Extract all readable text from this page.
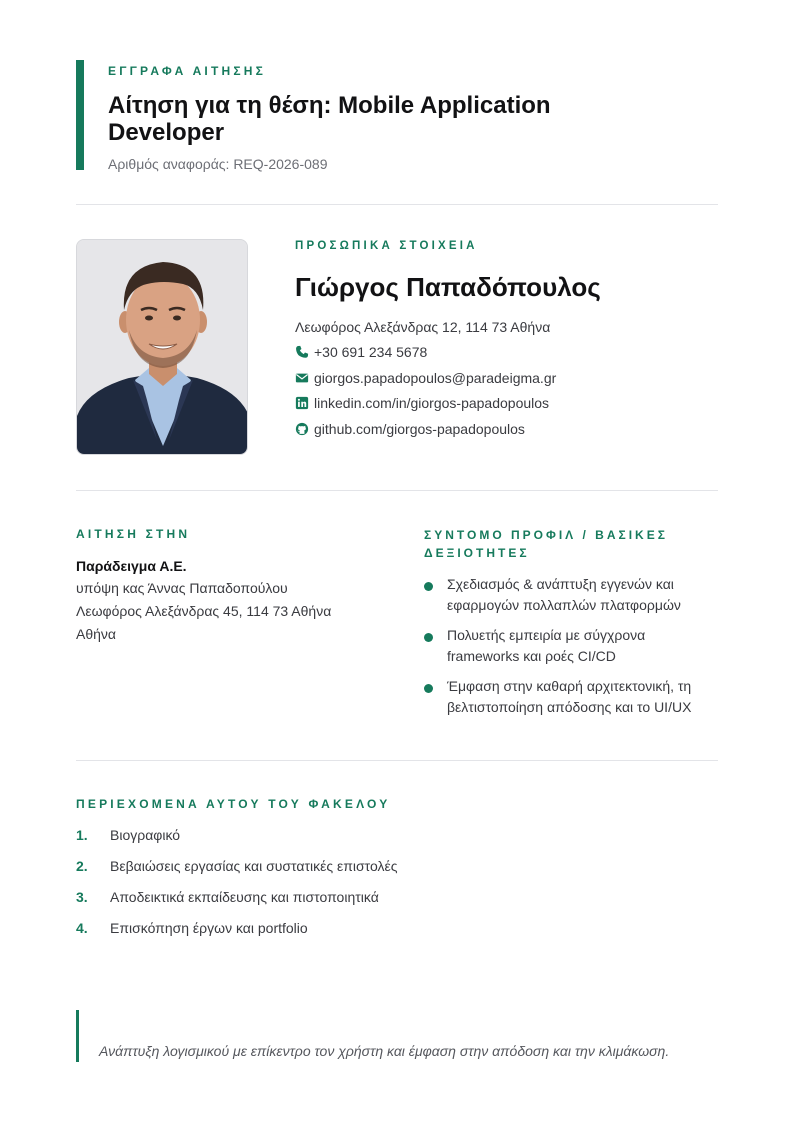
ΕΓΓΡΑΦΑ ΑΙΤΗΣΗΣ
Αίτηση για τη θέση: Mobile Application Developer
Αριθμός αναφοράς: REQ-2026-089
ΠΡΟΣΩΠΙΚΑ ΣΤΟΙΧΕΙΑ
Γιώργος Παπαδόπουλος
Λεωφόρος Αλεξάνδρας 12, 114 73 Αθήνα
+30 691 234 5678
giorgos.papadopoulos@paradeigma.gr
linkedin.com/in/giorgos-papadopoulos
github.com/giorgos-papadopoulos
ΑΙΤΗΣΗ ΣΤΗΝ
Παράδειγμα Α.Ε.
υπόψη κας Άννας Παπαδοπούλου
Λεωφόρος Αλεξάνδρας 45, 114 73 Αθήνα
Αθήνα
ΣΥΝΤΟΜΟ ΠΡΟΦΙΛ / ΒΑΣΙΚΕΣ ΔΕΞΙΟΤΗΤΕΣ
Σχεδιασμός & ανάπτυξη εγγενών και εφαρμογών πολλαπλών πλατφορμών
Πολυετής εμπειρία με σύγχρονα frameworks και ροές CI/CD
Έμφαση στην καθαρή αρχιτεκτονική, τη βελτιστοποίηση απόδοσης και το UI/UX
ΠΕΡΙΕΧΟΜΕΝΑ ΑΥΤΟΥ ΤΟΥ ΦΑΚΕΛΟΥ
1.	Βιογραφικό
2.	Βεβαιώσεις εργασίας και συστατικές επιστολές
3.	Αποδεικτικά εκπαίδευσης και πιστοποιητικά
4.	Επισκόπηση έργων και portfolio
Ανάπτυξη λογισμικού με επίκεντρο τον χρήστη και έμφαση στην απόδοση και την κλιμάκωση.
